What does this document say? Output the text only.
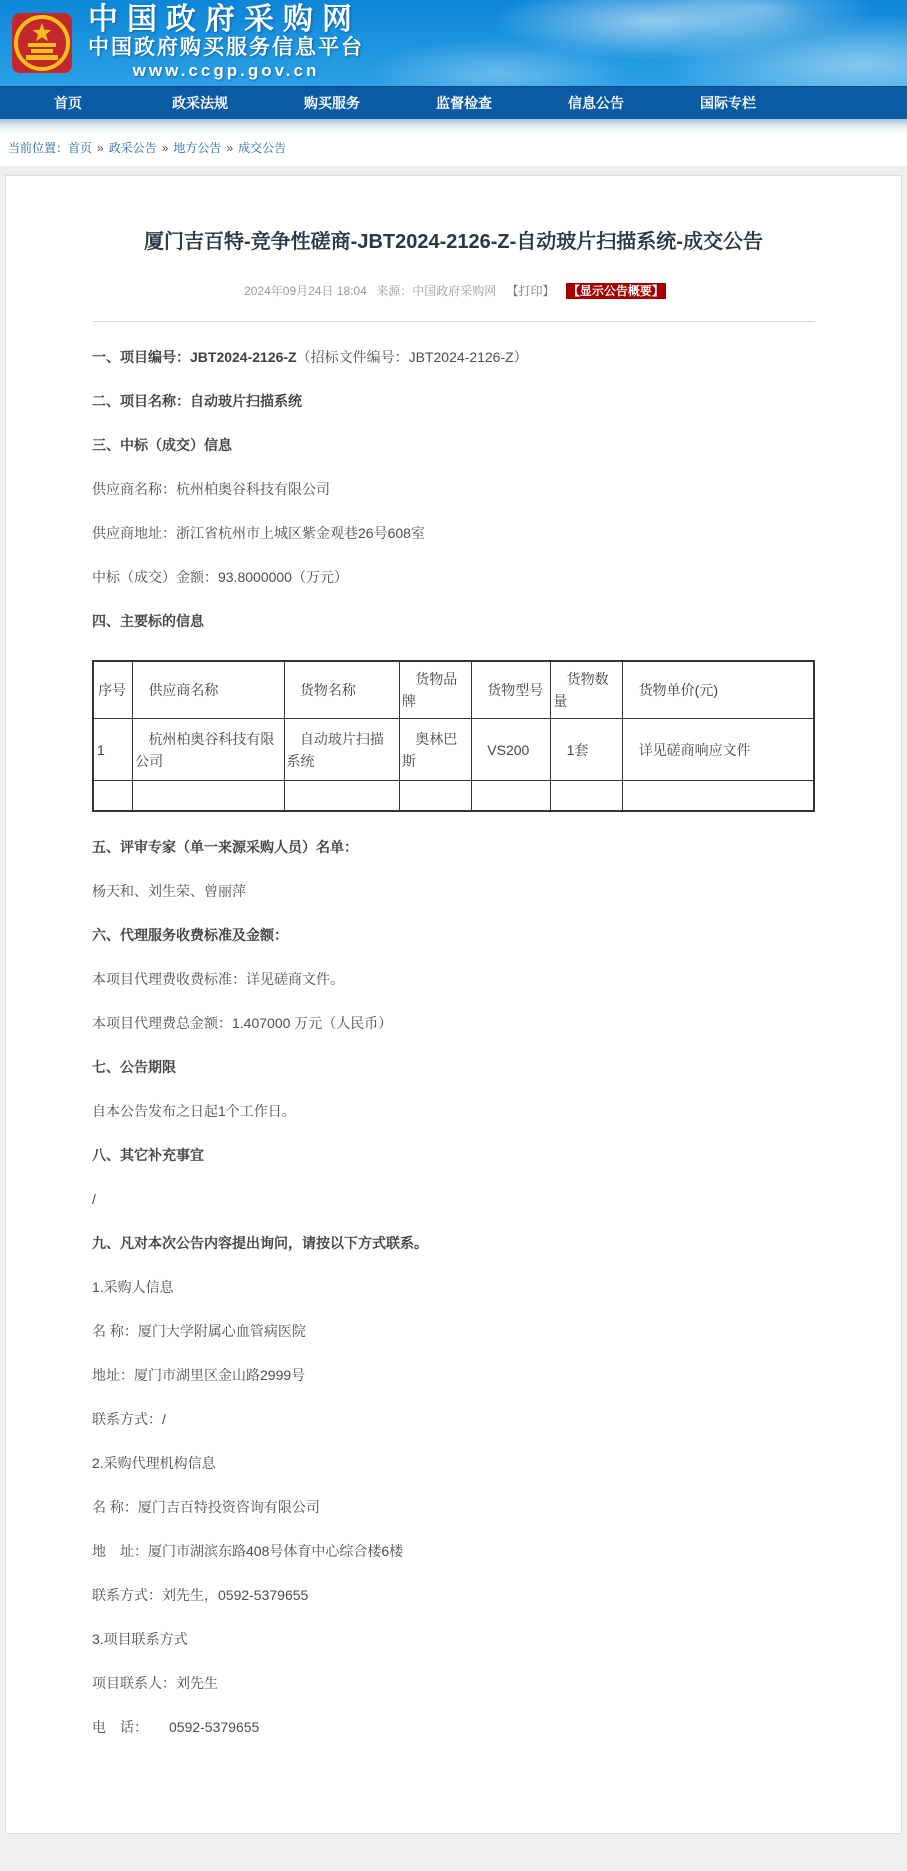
中国政府采购网
中国政府购买服务信息平台
www.ccgp.gov.cn
首页	政采法规	购买服务	监督检查	信息公告	国际专栏
当前位置：首页 » 政采公告 » 地方公告 » 成交公告
厦门吉百特-竞争性磋商-JBT2024-2126-Z-自动玻片扫描系统-成交公告
2024年09月24日 18:04 来源：中国政府采购网 【打印】 【显示公告概要】

一、项目编号：JBT2024-2126-Z（招标文件编号：JBT2024-2126-Z）

二、项目名称：自动玻片扫描系统

三、中标（成交）信息

供应商名称：杭州柏奥谷科技有限公司

供应商地址：浙江省杭州市上城区紫金观巷26号608室

中标（成交）金额：93.8000000（万元）

四、主要标的信息

序号	供应商名称	货物名称	货物品牌	货物型号	货物数量	货物单价(元)
1	杭州柏奥谷科技有限公司	自动玻片扫描系统	奥林巴斯	VS200	1套	详见磋商响应文件

五、评审专家（单一来源采购人员）名单：

杨天和、刘生荣、曾丽萍

六、代理服务收费标准及金额：

本项目代理费收费标准：详见磋商文件。

本项目代理费总金额：1.407000 万元（人民币）

七、公告期限

自本公告发布之日起1个工作日。

八、其它补充事宜

/

九、凡对本次公告内容提出询问，请按以下方式联系。

1.采购人信息

名 称：厦门大学附属心血管病医院

地址：厦门市湖里区金山路2999号

联系方式：/

2.采购代理机构信息

名 称：厦门吉百特投资咨询有限公司

地　址：厦门市湖滨东路408号体育中心综合楼6楼

联系方式：刘先生，0592-5379655

3.项目联系方式

项目联系人：刘先生

电　话：　　0592-5379655
